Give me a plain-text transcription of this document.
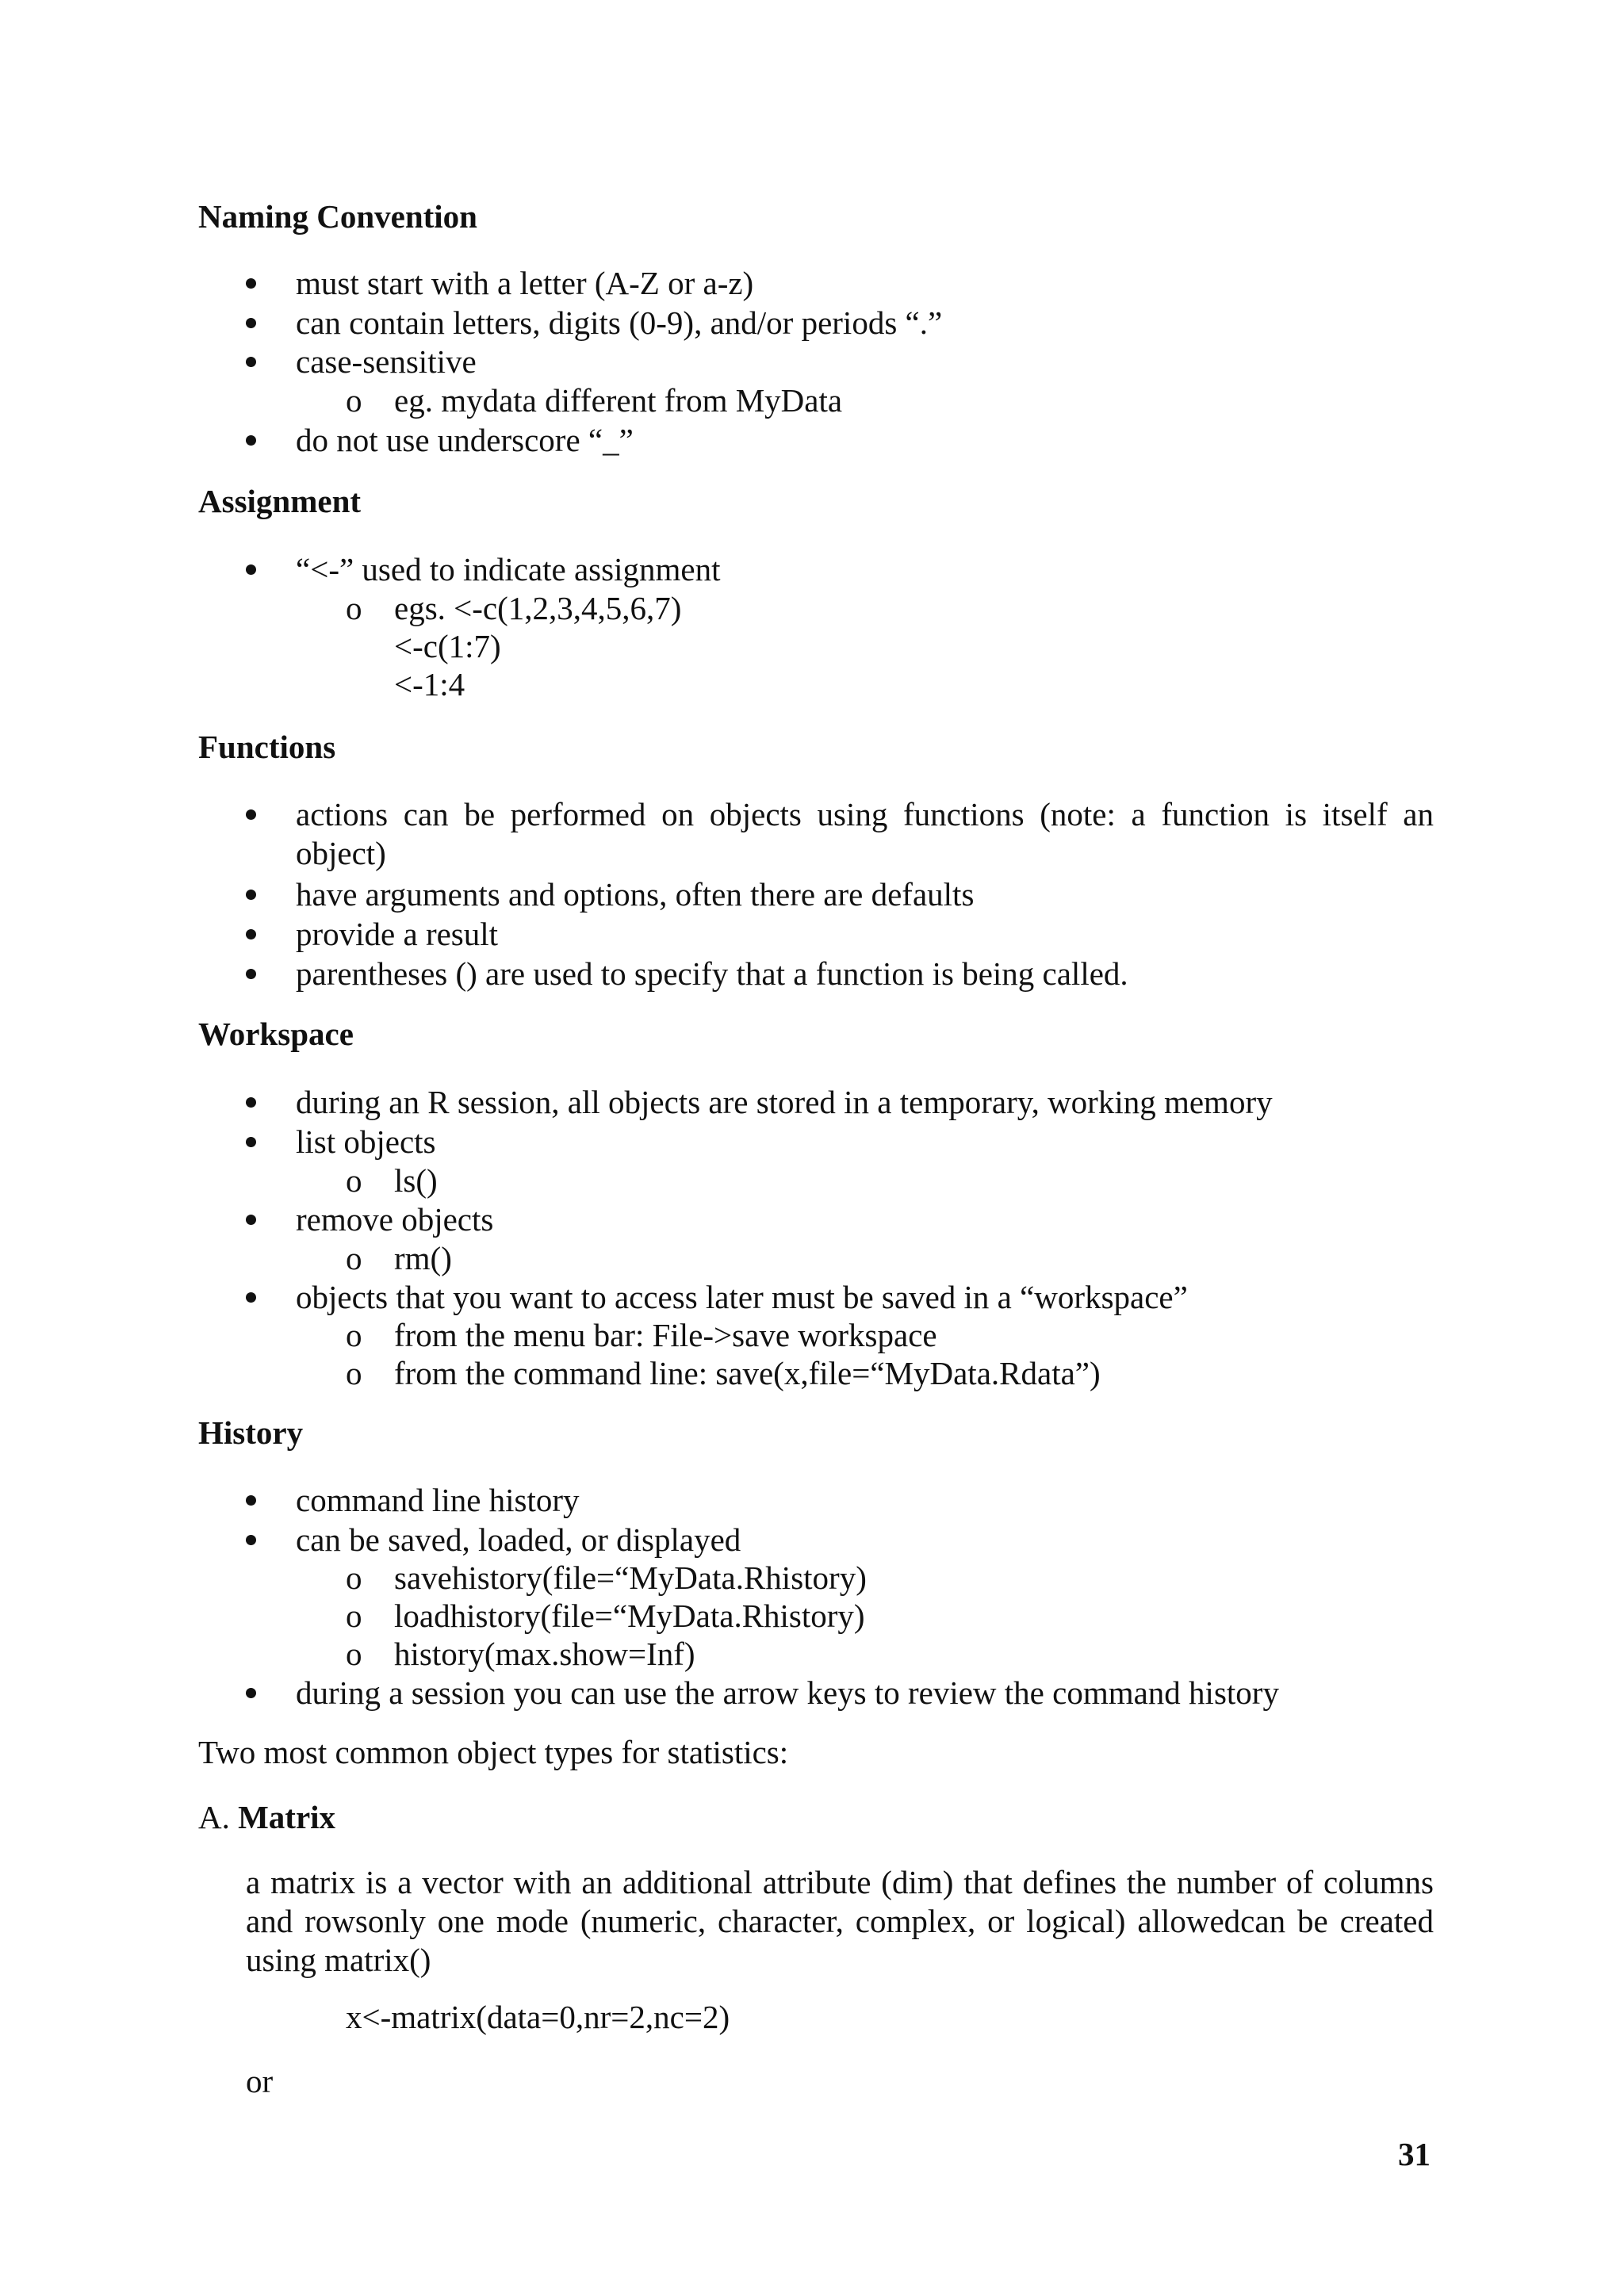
Naming Convention
must start with a letter (A-Z or a-z)
can contain letters, digits (0-9), and/or periods “.”
case-sensitive
o eg. mydata different from MyData
do not use underscore “_”
Assignment
“<-” used to indicate assignment
o egs. <-c(1,2,3,4,5,6,7)
<-c(1:7)
<-1:4
Functions
actions can be performed on objects using functions (note: a function is itself an object)
have arguments and options, often there are defaults
provide a result
parentheses () are used to specify that a function is being called.
Workspace
during an R session, all objects are stored in a temporary, working memory
list objects
o ls()
remove objects
o rm()
objects that you want to access later must be saved in a “workspace”
o from the menu bar: File->save workspace
o from the command line: save(x,file=“MyData.Rdata”)
History
command line history
can be saved, loaded, or displayed
o savehistory(file=“MyData.Rhistory)
o loadhistory(file=“MyData.Rhistory)
o history(max.show=Inf)
during a session you can use the arrow keys to review the command history
Two most common object types for statistics:
A. Matrix
a matrix is a vector with an additional attribute (dim) that defines the number of columns and rowsonly one mode (numeric, character, complex, or logical) allowedcan be created using matrix()
x<-matrix(data=0,nr=2,nc=2)
or
31
